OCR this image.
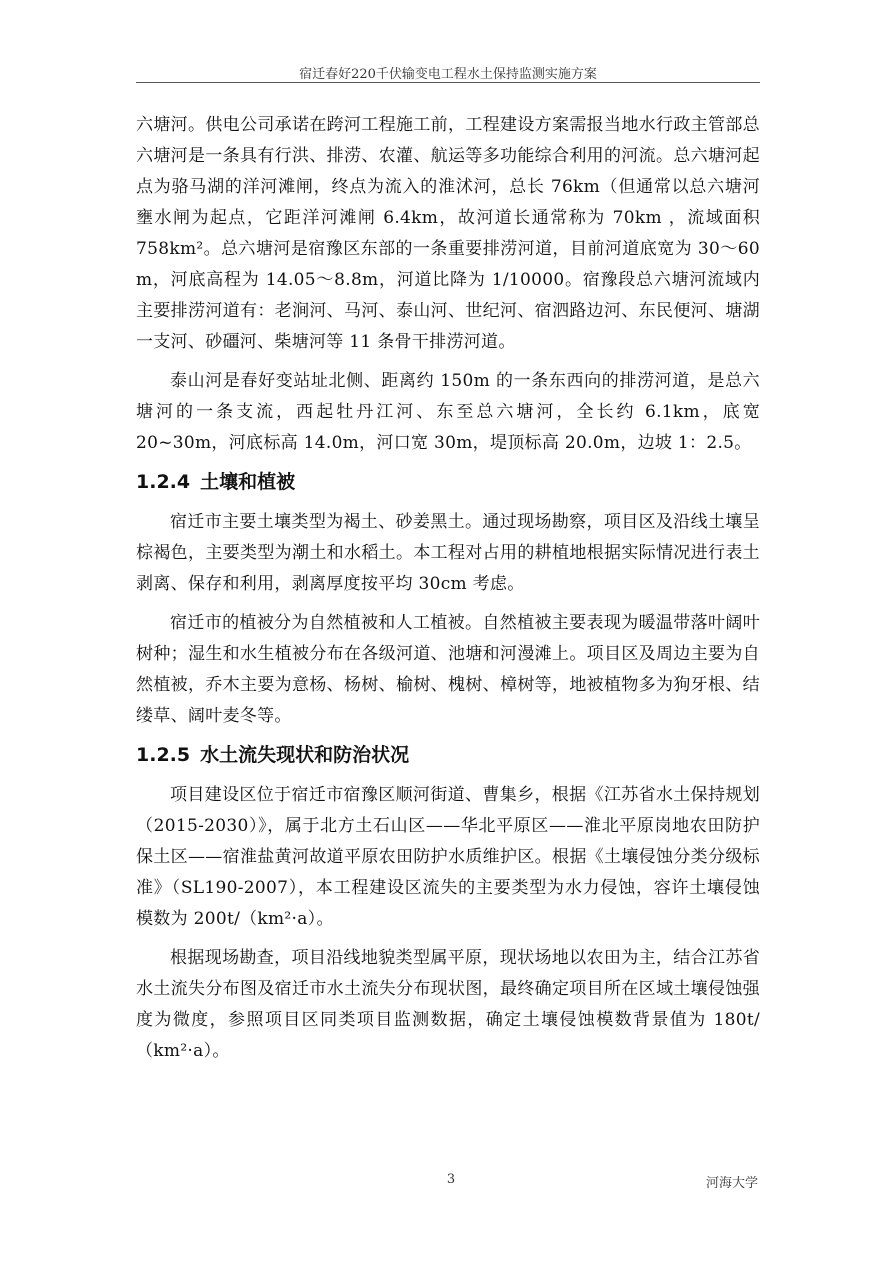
宿迁春好220千伏输变电工程水土保持监测实施方案

六塘河。供电公司承诺在跨河工程施工前，工程建设方案需报当地水行政主管部总六塘河是一条具有行洪、排涝、农灌、航运等多功能综合利用的河流。总六塘河起点为骆马湖的洋河滩闸，终点为流入的淮沭河，总长 76km（但通常以总六塘河壅水闸为起点，它距洋河滩闸 6.4km，故河道长通常称为 70km ，流域面积 758km²。总六塘河是宿豫区东部的一条重要排涝河道，目前河道底宽为 30～60 m，河底高程为 14.05～8.8m，河道比降为 1/10000。宿豫段总六塘河流域内主要排涝河道有：老涧河、马河、泰山河、世纪河、宿泗路边河、东民便河、塘湖一支河、砂礓河、柴塘河等 11 条骨干排涝河道。

泰山河是春好变站址北侧、距离约 150m 的一条东西向的排涝河道，是总六塘河的一条支流，西起牡丹江河、东至总六塘河，全长约 6.1km，底宽 20~30m，河底标高 14.0m，河口宽 30m，堤顶标高 20.0m，边坡 1：2.5。

1.2.4 土壤和植被

宿迁市主要土壤类型为褐土、砂姜黑土。通过现场勘察，项目区及沿线土壤呈棕褐色，主要类型为潮土和水稻土。本工程对占用的耕植地根据实际情况进行表土剥离、保存和利用，剥离厚度按平均 30cm 考虑。

宿迁市的植被分为自然植被和人工植被。自然植被主要表现为暖温带落叶阔叶树种；湿生和水生植被分布在各级河道、池塘和河漫滩上。项目区及周边主要为自然植被，乔木主要为意杨、杨树、榆树、槐树、樟树等，地被植物多为狗牙根、结缕草、阔叶麦冬等。

1.2.5 水土流失现状和防治状况

项目建设区位于宿迁市宿豫区顺河街道、曹集乡，根据《江苏省水土保持规划（2015-2030）》，属于北方土石山区——华北平原区——淮北平原岗地农田防护保土区——宿淮盐黄河故道平原农田防护水质维护区。根据《土壤侵蚀分类分级标准》（SL190-2007），本工程建设区流失的主要类型为水力侵蚀，容许土壤侵蚀模数为 200t/（km²·a）。

根据现场勘查，项目沿线地貌类型属平原，现状场地以农田为主，结合江苏省水土流失分布图及宿迁市水土流失分布现状图，最终确定项目所在区域土壤侵蚀强度为微度，参照项目区同类项目监测数据，确定土壤侵蚀模数背景值为 180t/（km²·a）。

3	河海大学
